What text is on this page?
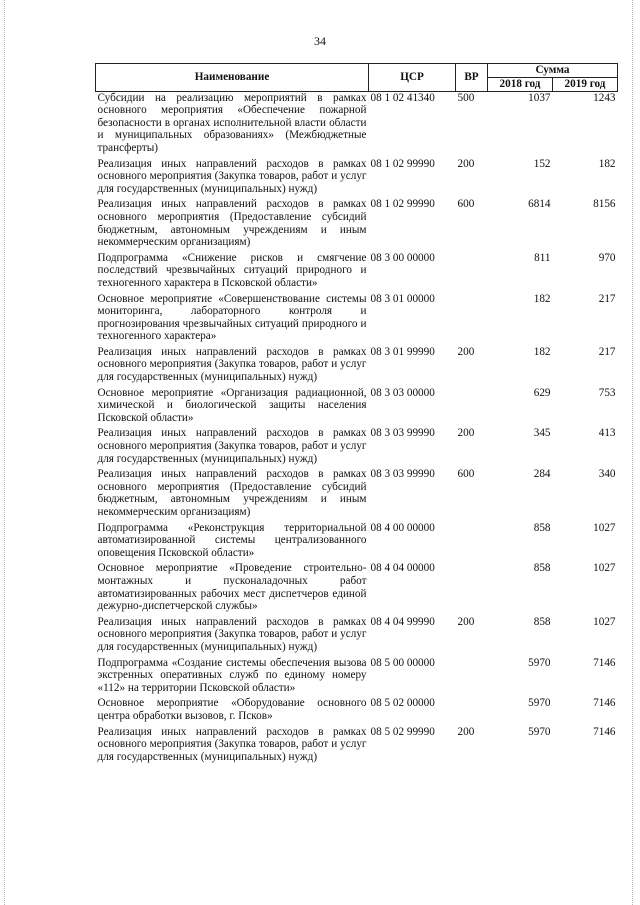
34
Наименование	ЦСР	ВР	Сумма	
			2018 год	2019 год
Субсидии на реализацию мероприятий в рамках основного мероприятия «Обеспечение пожарной безопасности в органах исполнительной власти области и муниципальных образованиях» (Межбюджетные трансферты)	08 1 02 41340	500	1037	1243
Реализация иных направлений расходов в рамках основного мероприятия (Закупка товаров, работ и услуг для государственных (муниципальных) нужд)	08 1 02 99990	200	152	182
Реализация иных направлений расходов в рамках основного мероприятия (Предоставление субсидий бюджетным, автономным учреждениям и иным некоммерческим организациям)	08 1 02 99990	600	6814	8156
Подпрограмма «Снижение рисков и смягчение последствий чрезвычайных ситуаций природного и техногенного характера в Псковской области»	08 3 00 00000		811	970
Основное мероприятие «Совершенствование системы мониторинга, лабораторного контроля и прогнозирования чрезвычайных ситуаций природного и техногенного характера»	08 3 01 00000		182	217
Реализация иных направлений расходов в рамках основного мероприятия (Закупка товаров, работ и услуг для государственных (муниципальных) нужд)	08 3 01 99990	200	182	217
Основное мероприятие «Организация радиационной, химической и биологической защиты населения Псковской области»	08 3 03 00000		629	753
Реализация иных направлений расходов в рамках основного мероприятия (Закупка товаров, работ и услуг для государственных (муниципальных) нужд)	08 3 03 99990	200	345	413
Реализация иных направлений расходов в рамках основного мероприятия (Предоставление субсидий бюджетным, автономным учреждениям и иным некоммерческим организациям)	08 3 03 99990	600	284	340
Подпрограмма «Реконструкция территориальной автоматизированной системы централизованного оповещения Псковской области»	08 4 00 00000		858	1027
Основное мероприятие «Проведение строительно-монтажных и пусконаладочных работ автоматизированных рабочих мест диспетчеров единой дежурно-диспетчерской службы»	08 4 04 00000		858	1027
Реализация иных направлений расходов в рамках основного мероприятия (Закупка товаров, работ и услуг для государственных (муниципальных) нужд)	08 4 04 99990	200	858	1027
Подпрограмма «Создание системы обеспечения вызова экстренных оперативных служб по единому номеру «112» на территории Псковской области»	08 5 00 00000		5970	7146
Основное мероприятие «Оборудование основного центра обработки вызовов, г. Псков»	08 5 02 00000		5970	7146
Реализация иных направлений расходов в рамках основного мероприятия (Закупка товаров, работ и услуг для государственных (муниципальных) нужд)	08 5 02 99990	200	5970	7146
